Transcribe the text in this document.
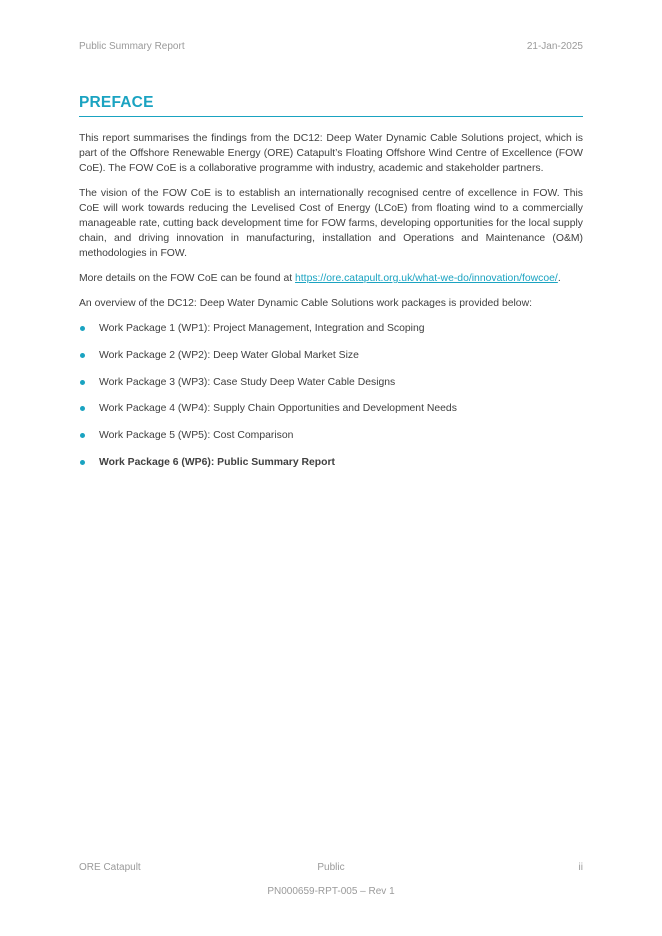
Public Summary Report	21-Jan-2025
PREFACE

This report summarises the findings from the DC12: Deep Water Dynamic Cable Solutions project, which is part of the Offshore Renewable Energy (ORE) Catapult’s Floating Offshore Wind Centre of Excellence (FOW CoE). The FOW CoE is a collaborative programme with industry, academic and stakeholder partners.

The vision of the FOW CoE is to establish an internationally recognised centre of excellence in FOW. This CoE will work towards reducing the Levelised Cost of Energy (LCoE) from floating wind to a commercially manageable rate, cutting back development time for FOW farms, developing opportunities for the local supply chain, and driving innovation in manufacturing, installation and Operations and Maintenance (O&M) methodologies in FOW.

More details on the FOW CoE can be found at https://ore.catapult.org.uk/what-we-do/innovation/fowcoe/.

An overview of the DC12: Deep Water Dynamic Cable Solutions work packages is provided below:

Work Package 1 (WP1): Project Management, Integration and Scoping
Work Package 2 (WP2): Deep Water Global Market Size
Work Package 3 (WP3): Case Study Deep Water Cable Designs
Work Package 4 (WP4): Supply Chain Opportunities and Development Needs
Work Package 5 (WP5): Cost Comparison
Work Package 6 (WP6): Public Summary Report
ORE Catapult	Public	ii
PN000659-RPT-005 – Rev 1
